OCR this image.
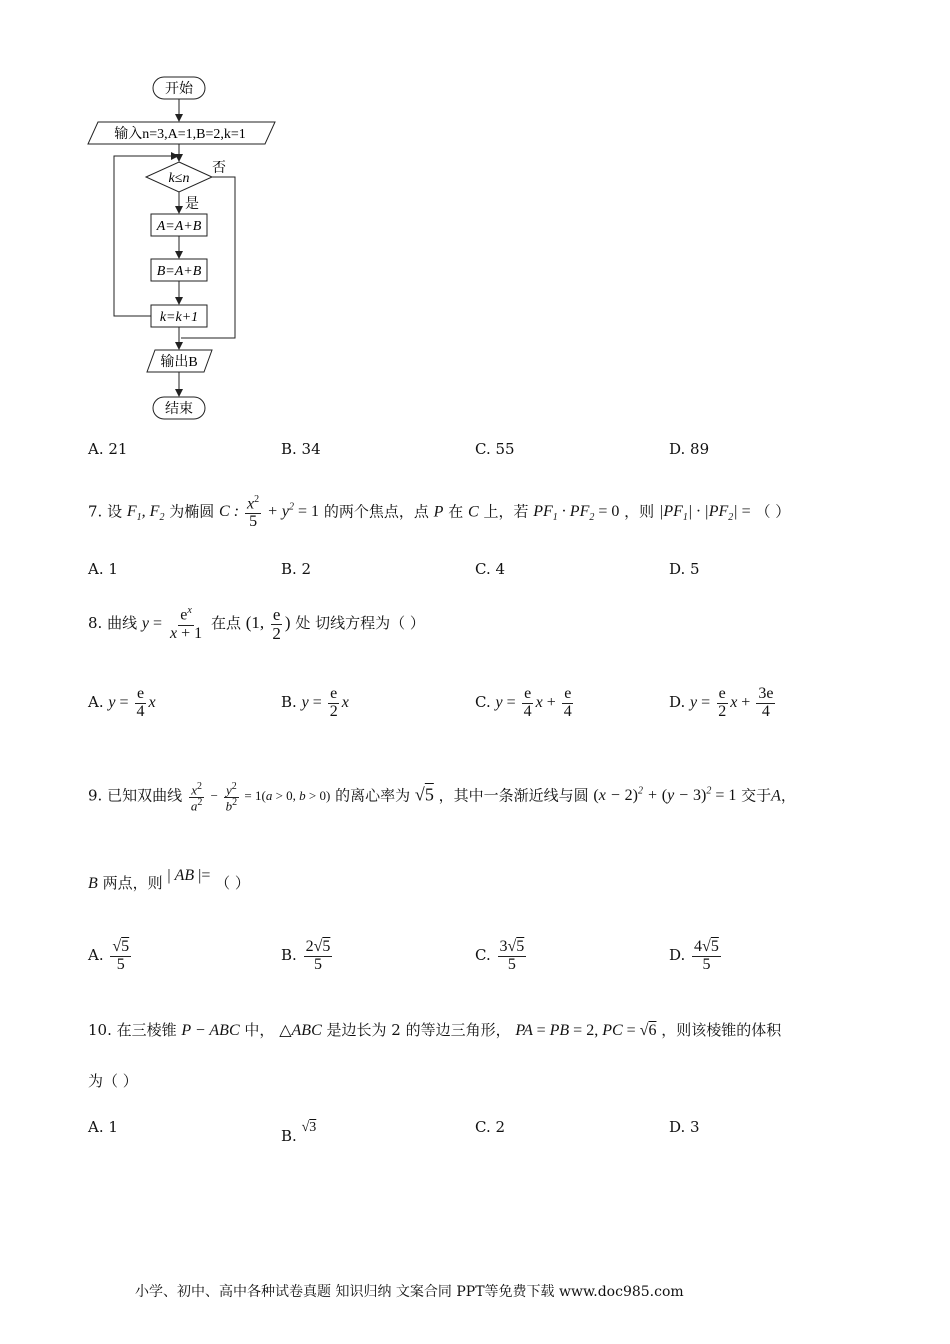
开始
输入n=3,A=1,B=2,k=1
k≤n
否
是
A=A+B
B=A+B
k=k+1
输出B
结束
A. 21	B. 34	C. 55	D. 89
7. 设 $F_1$, $F_2$ 为椭圆 C : $\frac{x^2}{5} + y^2 = 1$ 的两个焦点，点 P 在 C 上，若 $PF_1 \cdot PF_2 = 0$ ，则 $|PF_1| \cdot |PF_2|$ = （ ）
A. 1	B. 2	C. 4	D. 5
8. 曲线 $y = \frac{e^x}{x + 1}$ 在点 (1, $\frac{e}{2}$ ) 处 切线方程为（ ）
A. $y = \frac{e}{4}$ x	B. $y = \frac{e}{2}$ x	C. $y = \frac{e}{4}$ $x + \frac{e}{4}$	D. $y = \frac{e}{2}$ $x + \frac{3e}{4}$
9. 已知双曲线 $\frac{x^2}{a^2} - \frac{y^2}{b^2} = 1(a > 0$, b > 0) 的离心率为 √5 ，其中一条渐近线与圆 $(x - 2)^2 + (y - 3)^2 = 1$ 交于A，
B 两点，则 | AB |= （ ）
A. $\frac{√5}{5}$	B. $\frac{2√5}{5}$	C. $\frac{3√5}{5}$	D. $\frac{4√5}{5}$
10. 在三棱锥 P − ABC 中， △ABC 是边长为 2 的等边三角形， PA = PB = 2, PC = √6 ，则该棱锥的体积
为（ ）
A. 1	B. √3	C. 2	D. 3
小学、初中、高中各种试卷真题 知识归纳 文案合同 PPT等免费下载 www.doc985.com
